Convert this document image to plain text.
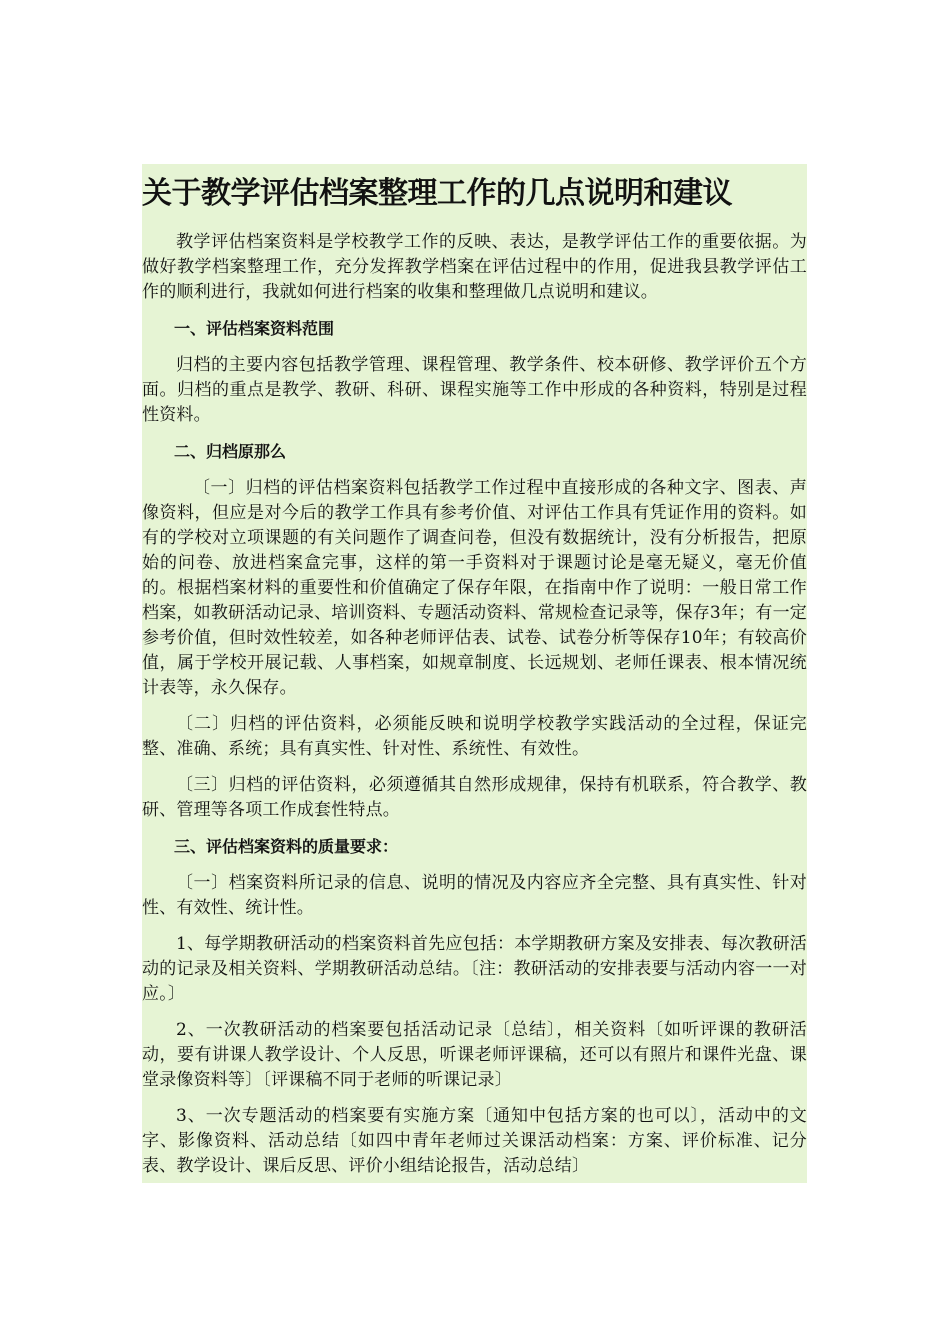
关于教学评估档案整理工作的几点说明和建议
教学评估档案资料是学校教学工作的反映、表达，是教学评估工作的重要依据。为做好教学档案整理工作，充分发挥教学档案在评估过程中的作用，促进我县教学评估工作的顺利进行，我就如何进行档案的收集和整理做几点说明和建议。
一、评估档案资料范围
归档的主要内容包括教学管理、课程管理、教学条件、校本研修、教学评价五个方面。归档的重点是教学、教研、科研、课程实施等工作中形成的各种资料，特别是过程性资料。
二、归档原那么
〔一〕归档的评估档案资料包括教学工作过程中直接形成的各种文字、图表、声像资料，但应是对今后的教学工作具有参考价值、对评估工作具有凭证作用的资料。如有的学校对立项课题的有关问题作了调查问卷，但没有数据统计，没有分析报告，把原始的问卷、放进档案盒完事，这样的第一手资料对于课题讨论是毫无疑义，毫无价值的。根据档案材料的重要性和价值确定了保存年限，在指南中作了说明：一般日常工作档案，如教研活动记录、培训资料、专题活动资料、常规检查记录等，保存3年；有一定参考价值，但时效性较差，如各种老师评估表、试卷、试卷分析等保存10年；有较高价值，属于学校开展记载、人事档案，如规章制度、长远规划、老师任课表、根本情况统计表等，永久保存。
〔二〕归档的评估资料，必须能反映和说明学校教学实践活动的全过程，保证完整、准确、系统；具有真实性、针对性、系统性、有效性。
〔三〕归档的评估资料，必须遵循其自然形成规律，保持有机联系，符合教学、教研、管理等各项工作成套性特点。
三、评估档案资料的质量要求：
〔一〕档案资料所记录的信息、说明的情况及内容应齐全完整、具有真实性、针对性、有效性、统计性。
1、每学期教研活动的档案资料首先应包括：本学期教研方案及安排表、每次教研活动的记录及相关资料、学期教研活动总结。〔注：教研活动的安排表要与活动内容一一对应。〕
2、一次教研活动的档案要包括活动记录〔总结〕，相关资料〔如听评课的教研活动，要有讲课人教学设计、个人反思，听课老师评课稿，还可以有照片和课件光盘、课堂录像资料等〕〔评课稿不同于老师的听课记录〕
3、一次专题活动的档案要有实施方案〔通知中包括方案的也可以〕，活动中的文字、影像资料、活动总结〔如四中青年老师过关课活动档案：方案、评价标准、记分表、教学设计、课后反思、评价小组结论报告，活动总结〕
